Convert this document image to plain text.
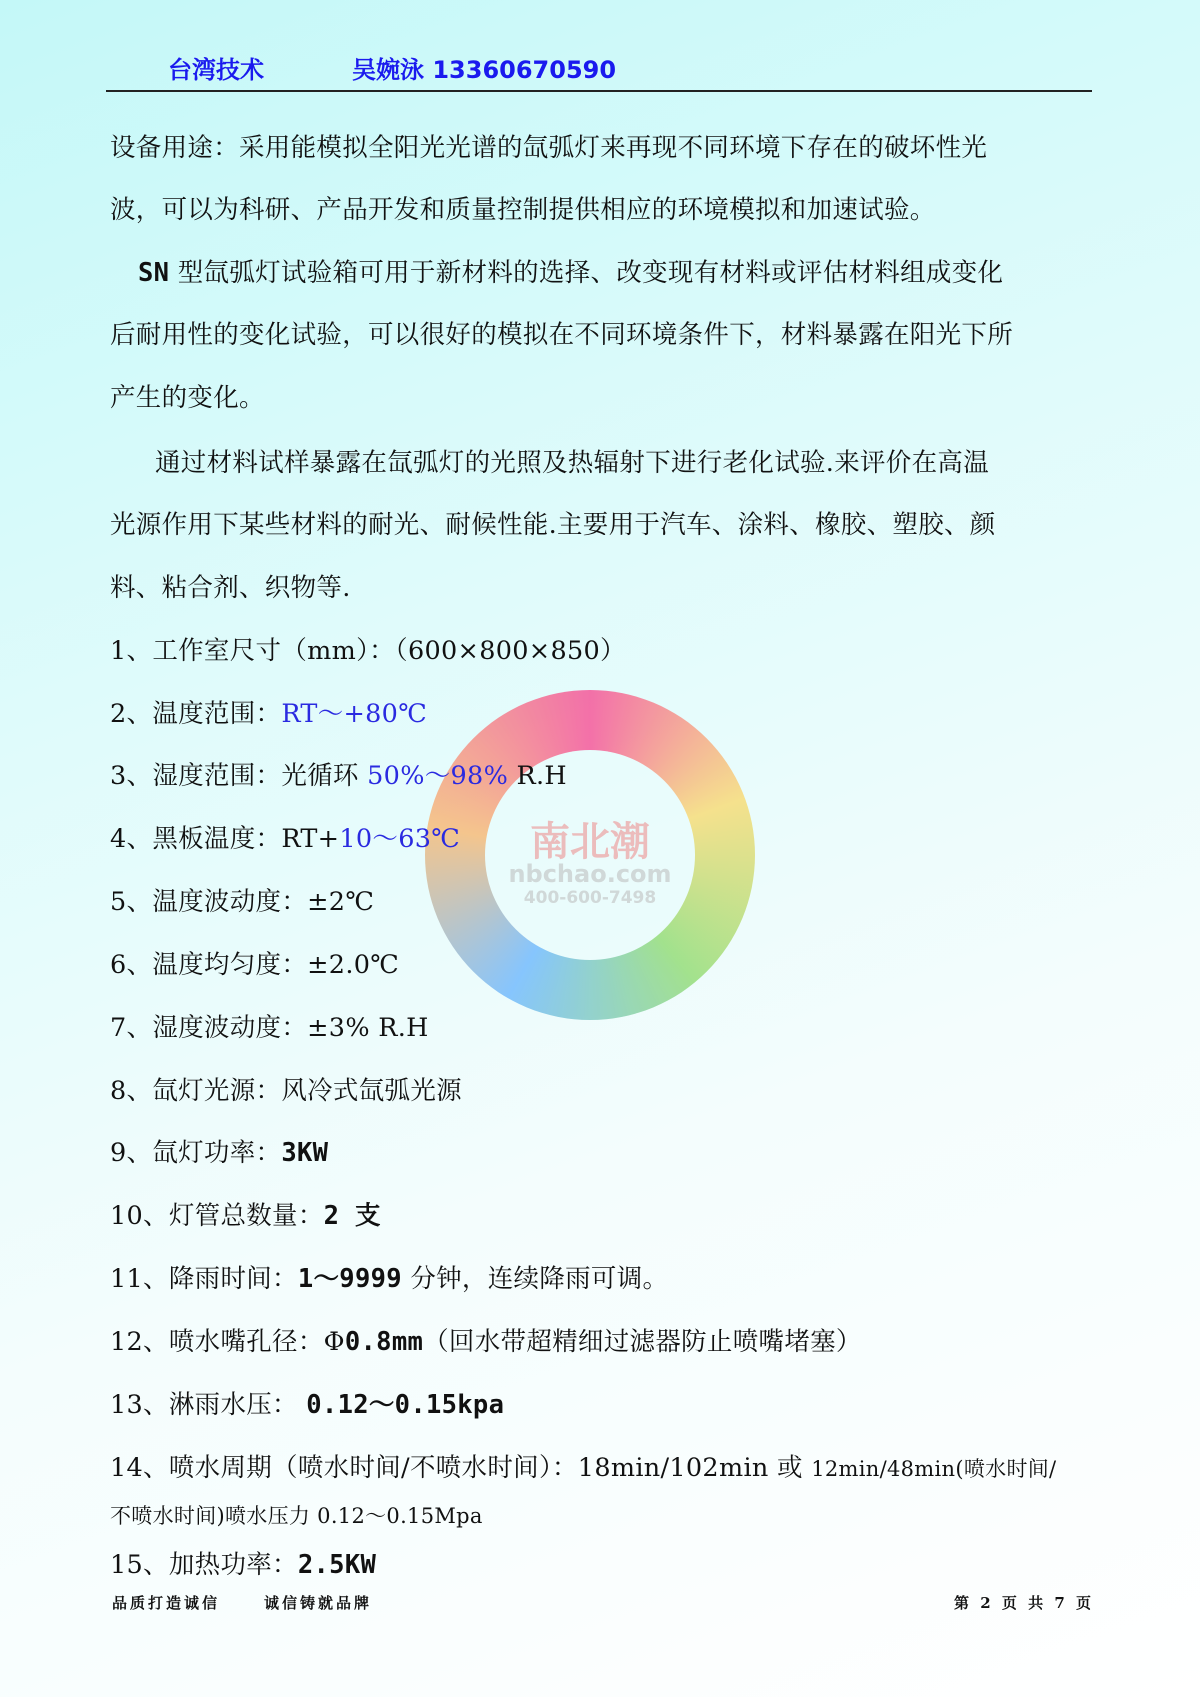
南北潮
nbchao.com
400-600-7498
台湾技术	吴婉泳 13360670590
设备用途：采用能模拟全阳光光谱的氙弧灯来再现不同环境下存在的破坏性光
波，可以为科研、产品开发和质量控制提供相应的环境模拟和加速试验。
SN 型氙弧灯试验箱可用于新材料的选择、改变现有材料或评估材料组成变化
后耐用性的变化试验，可以很好的模拟在不同环境条件下，材料暴露在阳光下所
产生的变化。
通过材料试样暴露在氙弧灯的光照及热辐射下进行老化试验.来评价在高温
光源作用下某些材料的耐光、耐候性能.主要用于汽车、涂料、橡胶、塑胶、颜
料、粘合剂、织物等.
1、工作室尺寸（mm）：（600×800×850）
2、温度范围：RT～+80℃
3、湿度范围：光循环 50%～98% R.H
4、黑板温度：RT+10～63℃
5、温度波动度：±2℃
6、温度均匀度：±2.0℃
7、湿度波动度：±3% R.H
8、氙灯光源：风冷式氙弧光源
9、氙灯功率：3KW
10、灯管总数量：2 支
11、降雨时间：1～9999 分钟，连续降雨可调。
12、喷水嘴孔径：Φ0.8mm（回水带超精细过滤器防止喷嘴堵塞）
13、淋雨水压： 0.12～0.15kpa
14、喷水周期（喷水时间/不喷水时间）：18min/102min 或 12min/48min(喷水时间/
不喷水时间)喷水压力 0.12～0.15Mpa
15、加热功率：2.5KW
品质打造诚信	诚信铸就品牌	第 2 页 共 7 页
